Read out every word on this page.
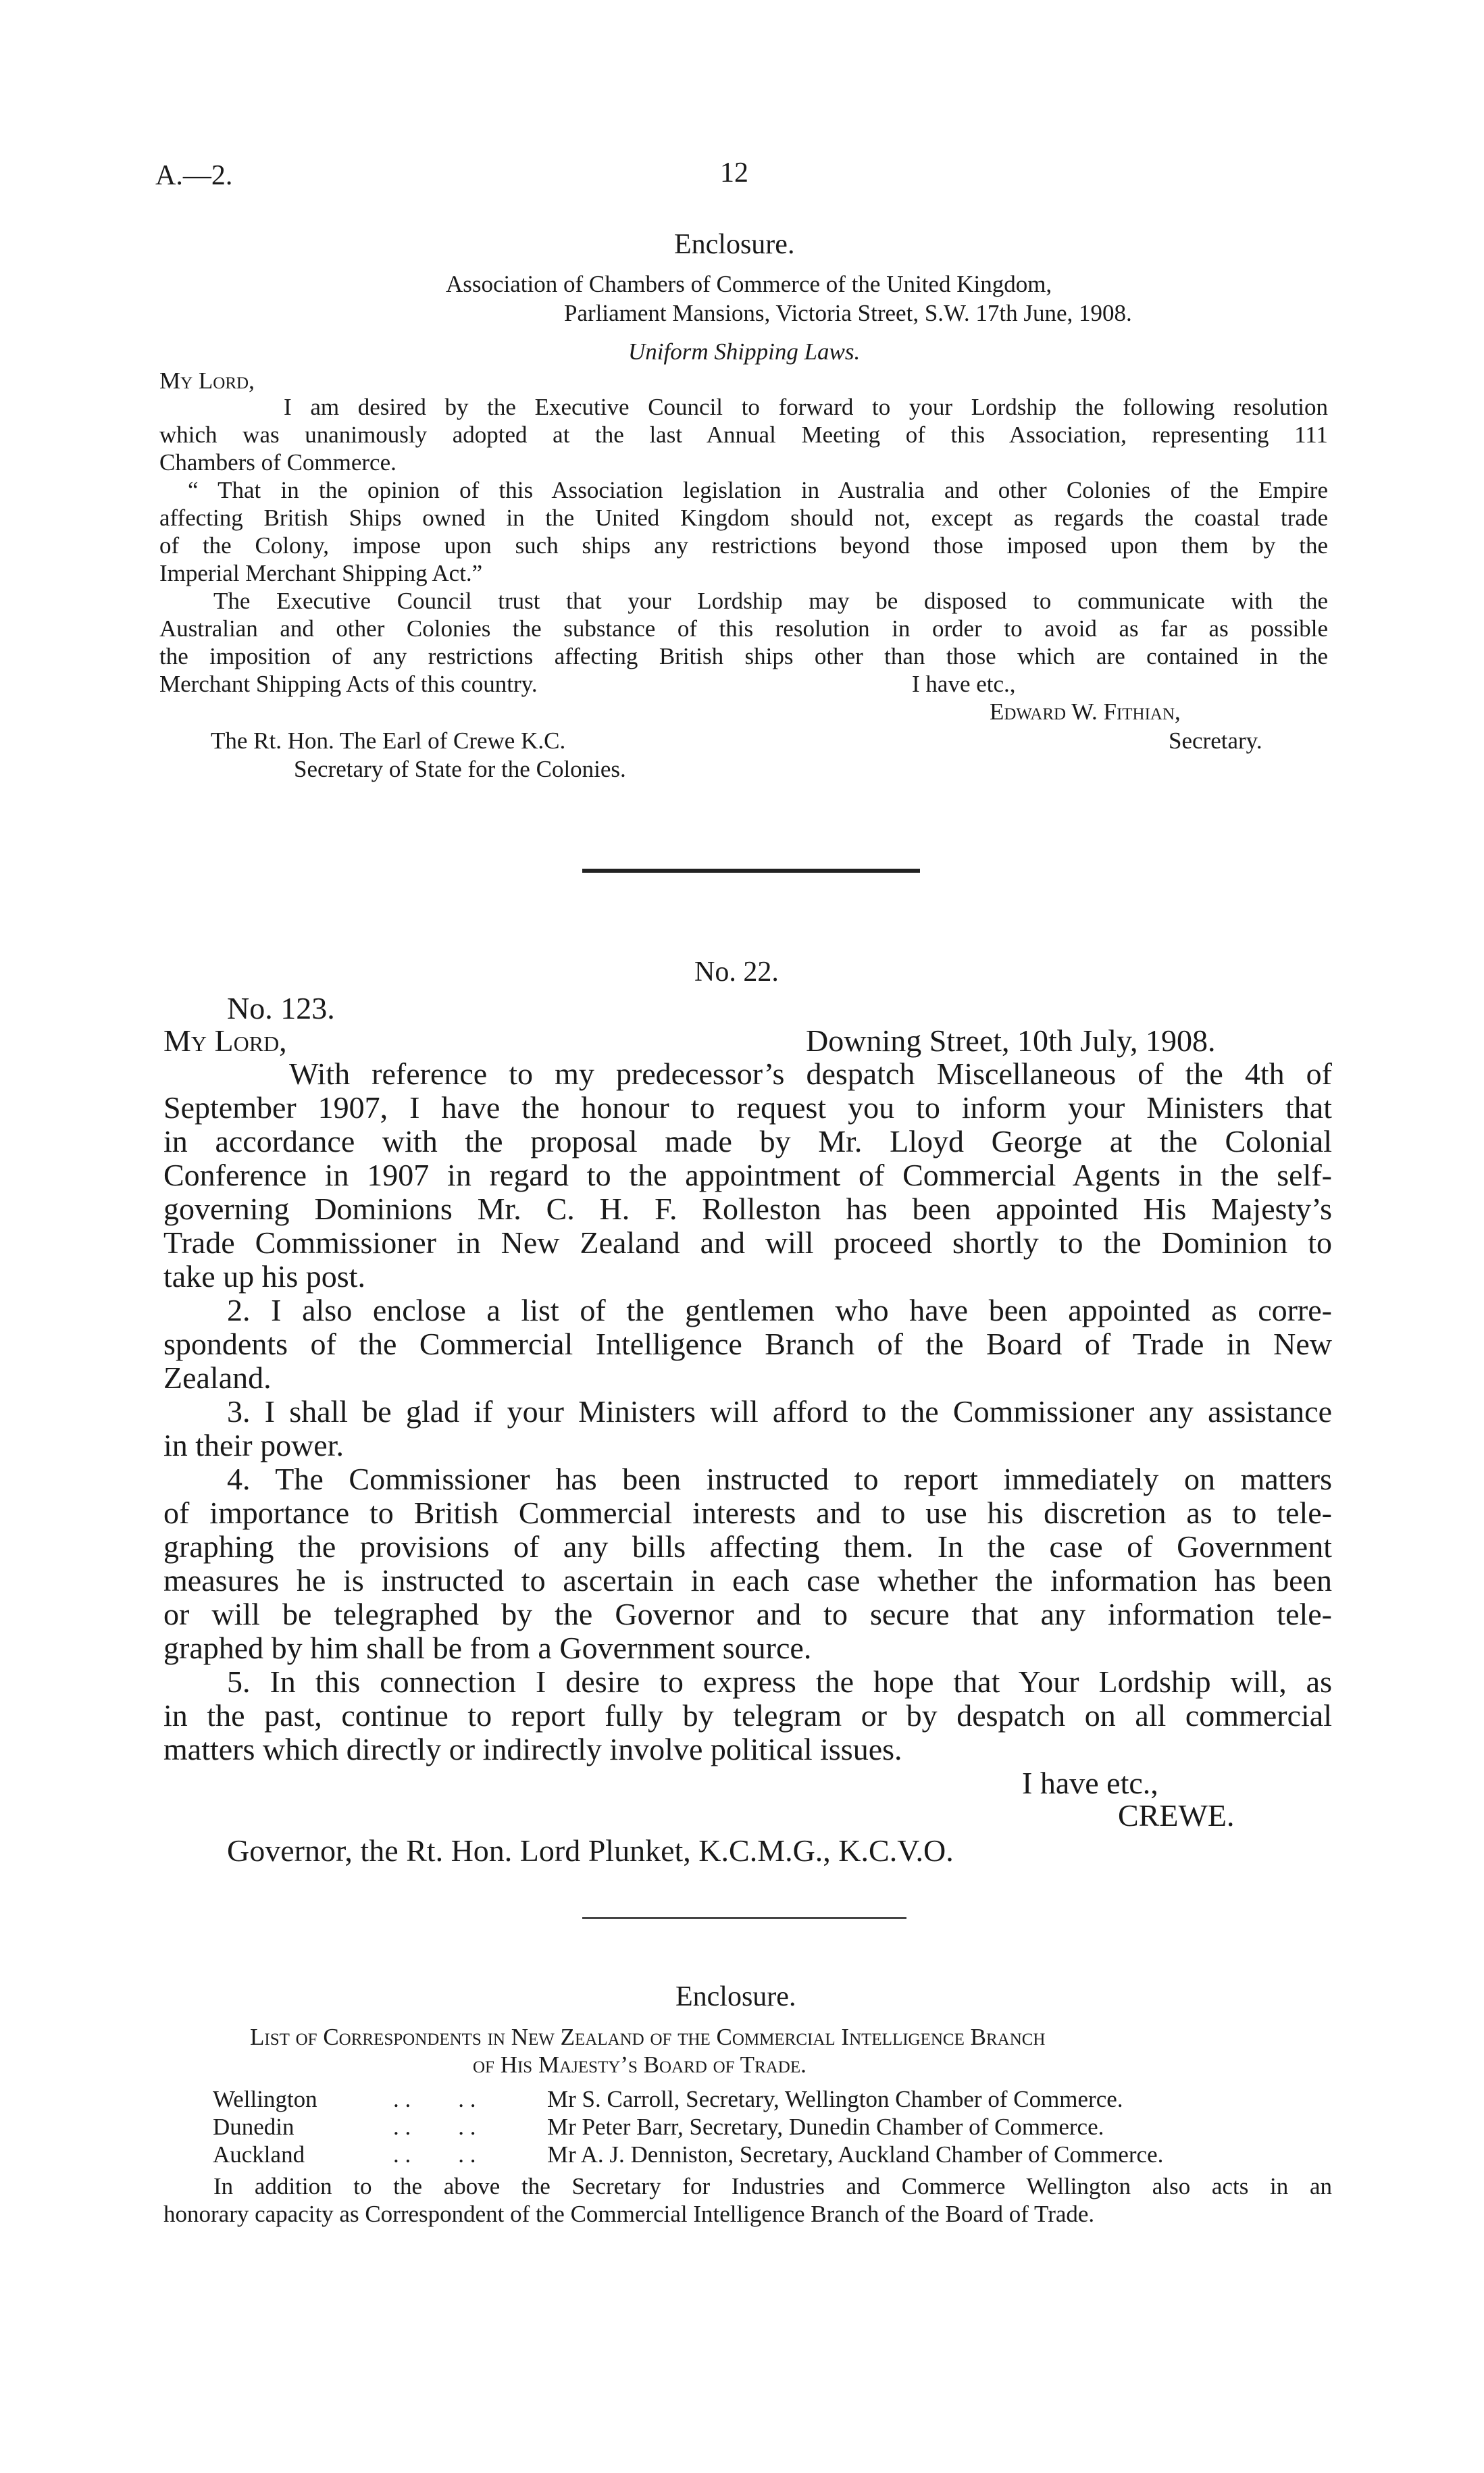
A.—2.	12
Enclosure.
Association of Chambers of Commerce of the United Kingdom,
Parliament Mansions, Victoria Street, S.W. 17th June, 1908.
Uniform Shipping Laws.
My Lord,
I am desired by the Executive Council to forward to your Lordship the following resolution
which was unanimously adopted at the last Annual Meeting of this Association, representing 111
Chambers of Commerce.
“ That in the opinion of this Association legislation in Australia and other Colonies of the Empire
affecting British Ships owned in the United Kingdom should not, except as regards the coastal trade
of the Colony, impose upon such ships any restrictions beyond those imposed upon them by the
Imperial Merchant Shipping Act.”
The Executive Council trust that your Lordship may be disposed to communicate with the
Australian and other Colonies the substance of this resolution in order to avoid as far as possible
the imposition of any restrictions affecting British ships other than those which are contained in the
Merchant Shipping Acts of this country.	I have etc.,
Edward W. Fithian,
The Rt. Hon. The Earl of Crewe K.C.	Secretary.
Secretary of State for the Colonies.
No. 22.
No. 123.
My Lord,	Downing Street, 10th July, 1908.
With reference to my predecessor’s despatch Miscellaneous of the 4th of
September 1907, I have the honour to request you to inform your Ministers that
in accordance with the proposal made by Mr. Lloyd George at the Colonial
Conference in 1907 in regard to the appointment of Commercial Agents in the self-
governing Dominions Mr. C. H. F. Rolleston has been appointed His Majesty’s
Trade Commissioner in New Zealand and will proceed shortly to the Dominion to
take up his post.
2. I also enclose a list of the gentlemen who have been appointed as corre-
spondents of the Commercial Intelligence Branch of the Board of Trade in New
Zealand.
3. I shall be glad if your Ministers will afford to the Commissioner any assistance
in their power.
4. The Commissioner has been instructed to report immediately on matters
of importance to British Commercial interests and to use his discretion as to tele-
graphing the provisions of any bills affecting them. In the case of Government
measures he is instructed to ascertain in each case whether the information has been
or will be telegraphed by the Governor and to secure that any information tele-
graphed by him shall be from a Government source.
5. In this connection I desire to express the hope that Your Lordship will, as
in the past, continue to report fully by telegram or by despatch on all commercial
matters which directly or indirectly involve political issues.
I have etc.,
CREWE.
Governor, the Rt. Hon. Lord Plunket, K.C.M.G., K.C.V.O.
Enclosure.
List of Correspondents in New Zealand of the Commercial Intelligence Branch
of His Majesty’s Board of Trade.
Wellington	. .        . .	Mr S. Carroll, Secretary, Wellington Chamber of Commerce.
Dunedin	. .        . .	Mr Peter Barr, Secretary, Dunedin Chamber of Commerce.
Auckland	. .        . .	Mr A. J. Denniston, Secretary, Auckland Chamber of Commerce.
In addition to the above the Secretary for Industries and Commerce Wellington also acts in an
honorary capacity as Correspondent of the Commercial Intelligence Branch of the Board of Trade.
